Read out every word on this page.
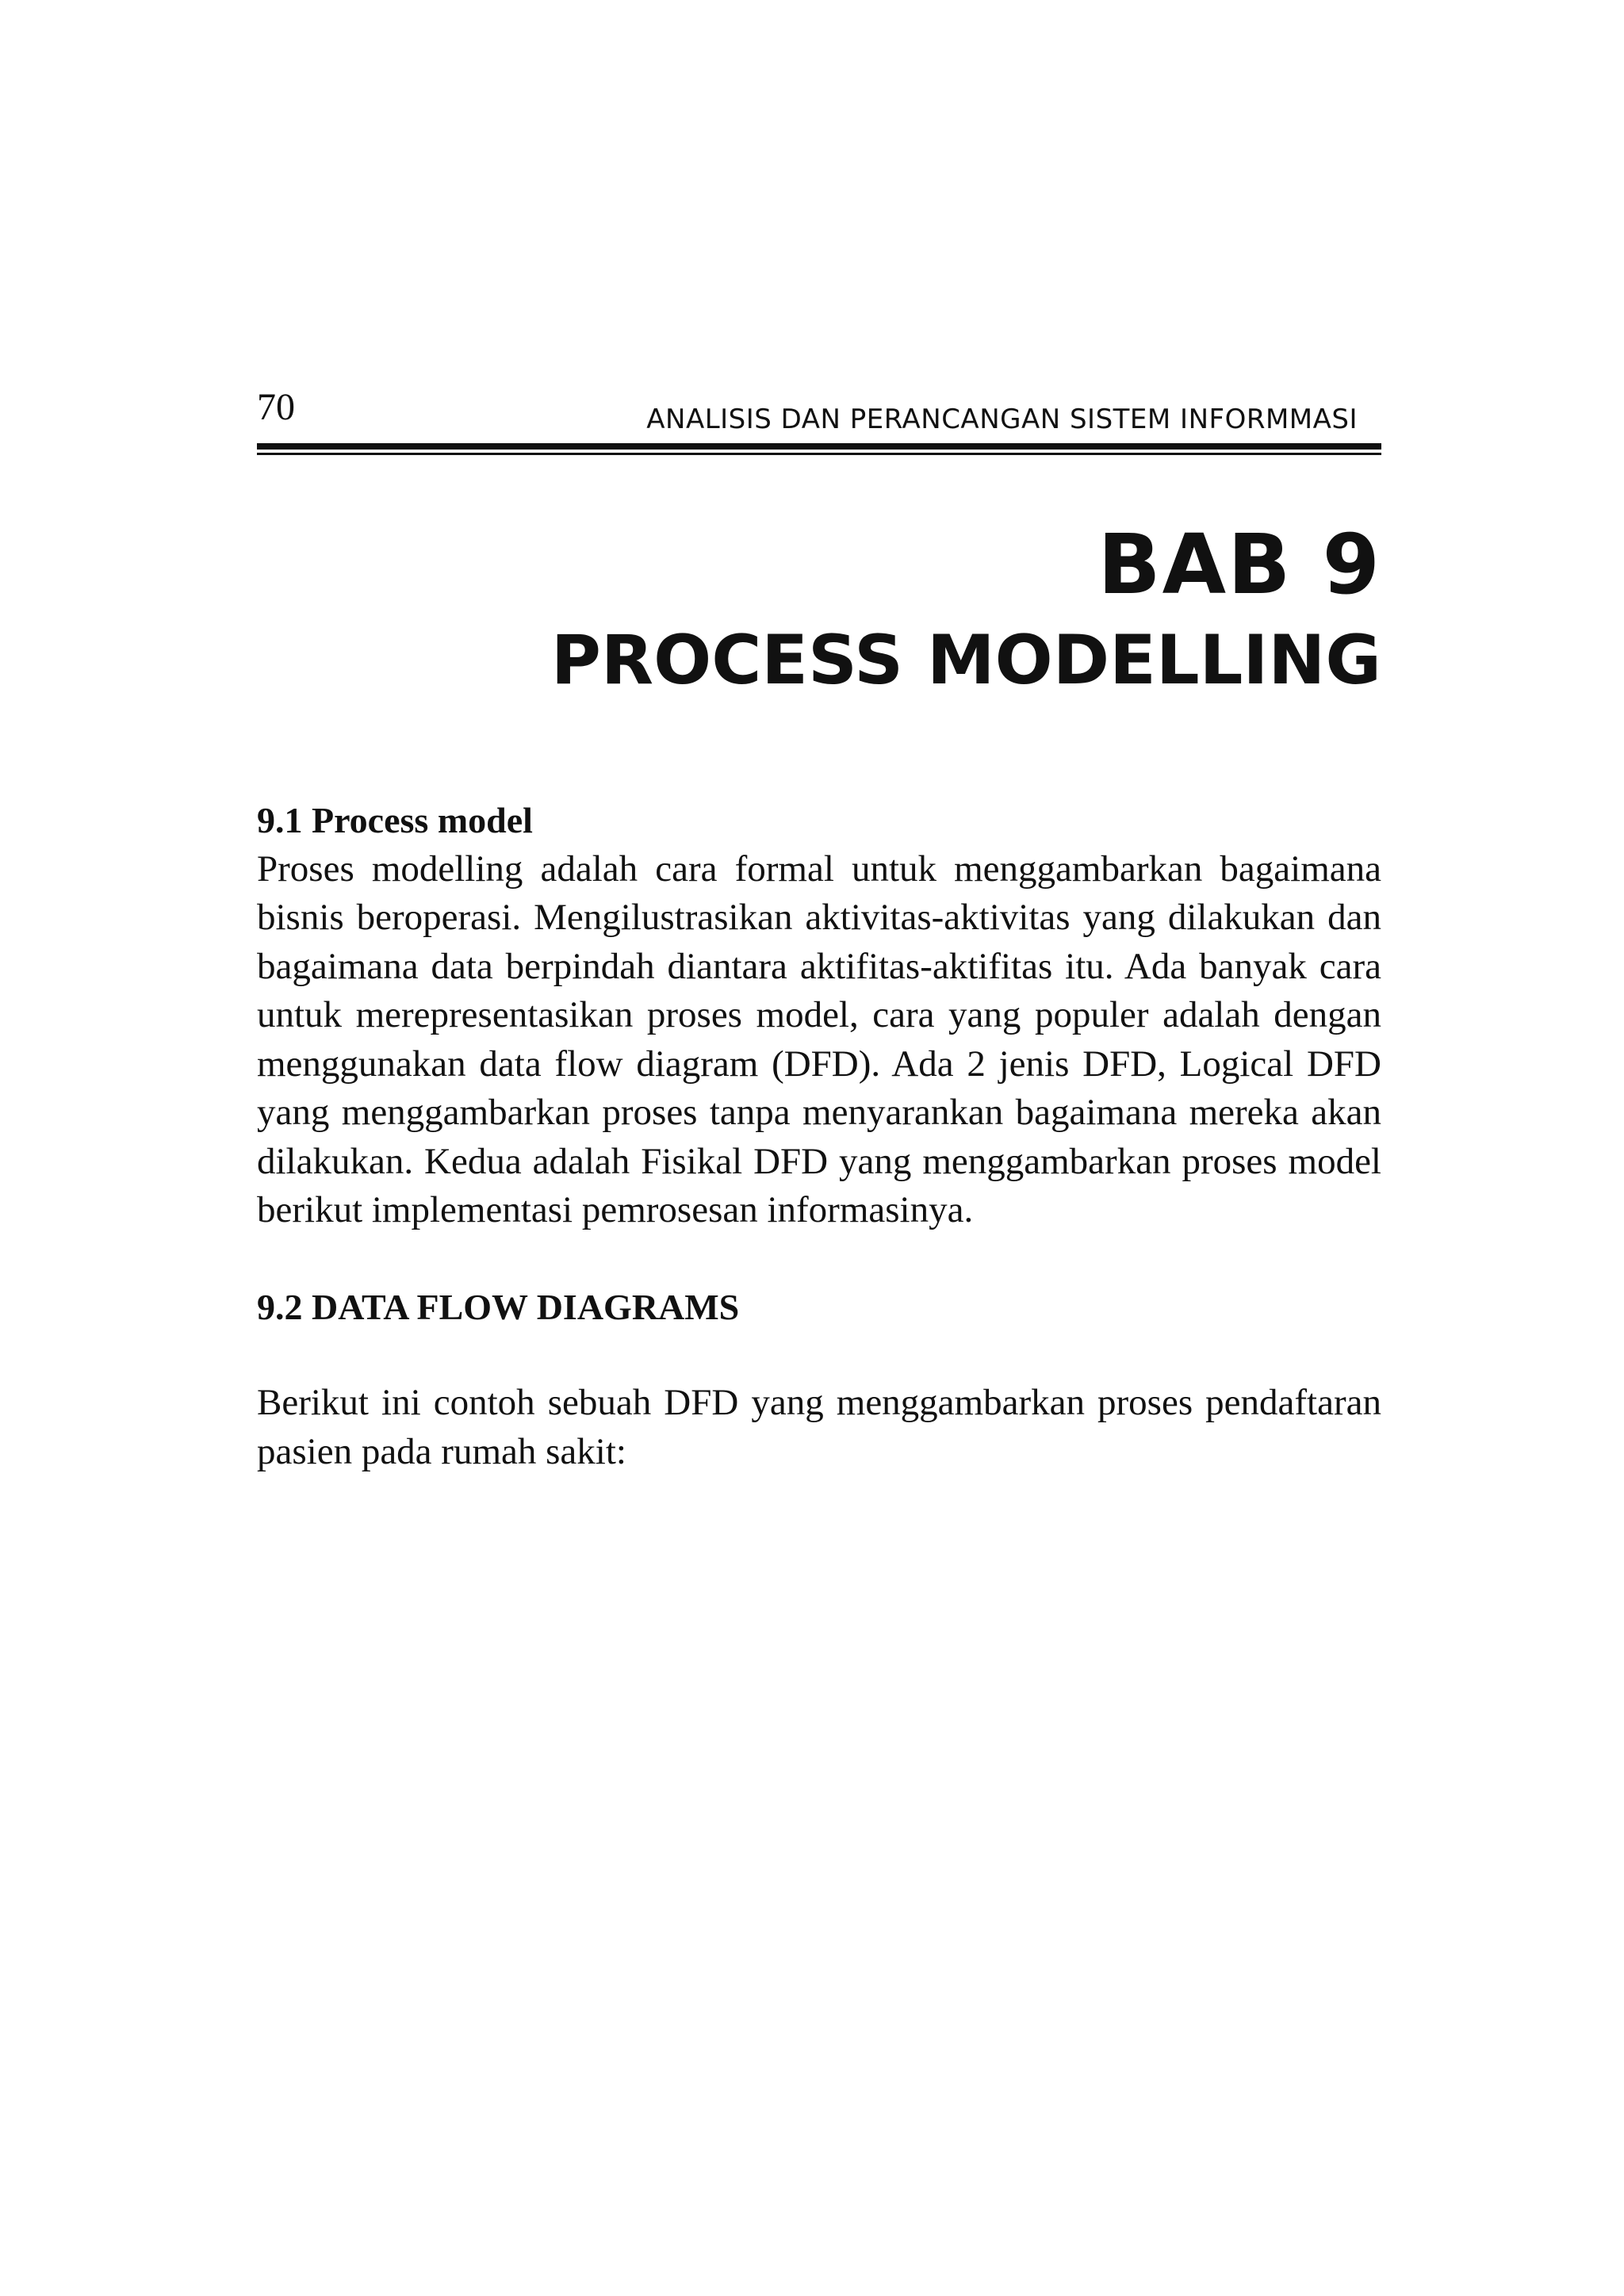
70	ANALISIS DAN PERANCANGAN SISTEM INFORMMASI
BAB 9
PROCESS MODELLING
9.1 Process model

Proses modelling adalah cara formal untuk menggambarkan bagaimana bisnis beroperasi. Mengilustrasikan aktivitas-aktivitas yang dilakukan dan bagaimana data berpindah diantara aktifitas-aktifitas itu. Ada banyak cara untuk merepresentasikan proses model, cara yang populer adalah dengan menggunakan data flow diagram (DFD). Ada 2 jenis DFD, Logical DFD yang menggambarkan proses tanpa menyarankan bagaimana mereka akan dilakukan. Kedua adalah Fisikal DFD yang menggambarkan proses model berikut implementasi pemrosesan informasinya.

9.2 DATA FLOW DIAGRAMS

Berikut ini contoh sebuah DFD yang menggambarkan proses pendaftaran pasien pada rumah sakit:
